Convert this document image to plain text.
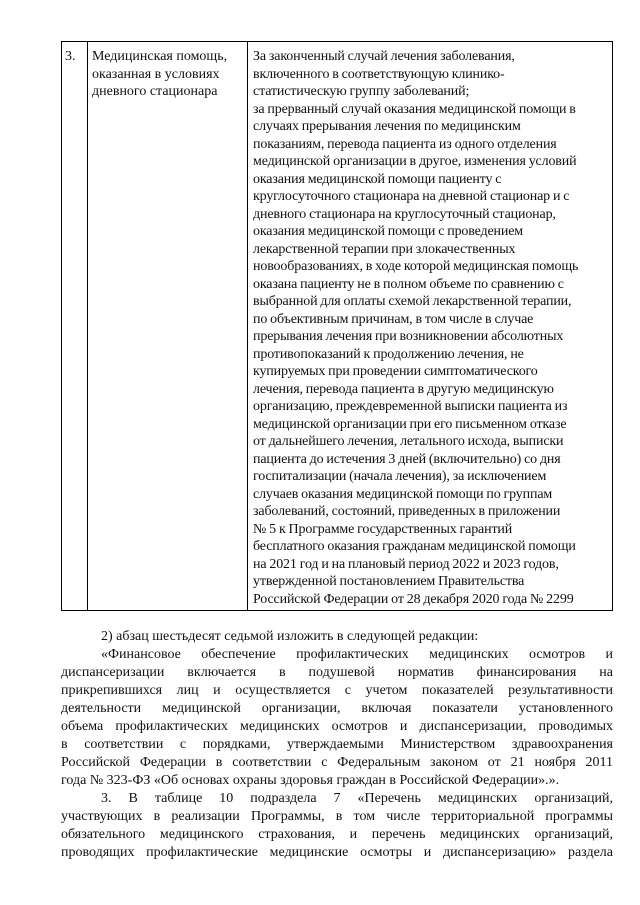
3.	Медицинская помощь,
оказанная в условиях
дневного стационара
За законченный случай лечения заболевания,
включенного в соответствующую клинико-
статистическую группу заболеваний;
за прерванный случай оказания медицинской помощи в
случаях прерывания лечения по медицинским
показаниям, перевода пациента из одного отделения
медицинской организации в другое, изменения условий
оказания медицинской помощи пациенту с
круглосуточного стационара на дневной стационар и с
дневного стационара на круглосуточный стационар,
оказания медицинской помощи с проведением
лекарственной терапии при злокачественных
новообразованиях, в ходе которой медицинская помощь
оказана пациенту не в полном объеме по сравнению с
выбранной для оплаты схемой лекарственной терапии,
по объективным причинам, в том числе в случае
прерывания лечения при возникновении абсолютных
противопоказаний к продолжению лечения, не
купируемых при проведении симптоматического
лечения, перевода пациента в другую медицинскую
организацию, преждевременной выписки пациента из
медицинской организации при его письменном отказе
от дальнейшего лечения, летального исхода, выписки
пациента до истечения 3 дней (включительно) со дня
госпитализации (начала лечения), за исключением
случаев оказания медицинской помощи по группам
заболеваний, состояний, приведенных в приложении
№ 5 к Программе государственных гарантий
бесплатного оказания гражданам медицинской помощи
на 2021 год и на плановый период 2022 и 2023 годов,
утвержденной постановлением Правительства
Российской Федерации от 28 декабря 2020 года № 2299
2) абзац шестьдесят седьмой изложить в следующей редакции:
«Финансовое обеспечение профилактических медицинских осмотров и
диспансеризации включается в подушевой норматив финансирования на
прикрепившихся лиц и осуществляется с учетом показателей результативности
деятельности медицинской организации, включая показатели установленного
объема профилактических медицинских осмотров и диспансеризации, проводимых
в соответствии с порядками, утверждаемыми Министерством здравоохранения
Российской Федерации в соответствии с Федеральным законом от 21 ноября 2011
года № 323-ФЗ «Об основах охраны здоровья граждан в Российской Федерации».».
3. В таблице 10 подраздела 7 «Перечень медицинских организаций,
участвующих в реализации Программы, в том числе территориальной программы
обязательного медицинского страхования, и перечень медицинских организаций,
проводящих профилактические медицинские осмотры и диспансеризацию» раздела
